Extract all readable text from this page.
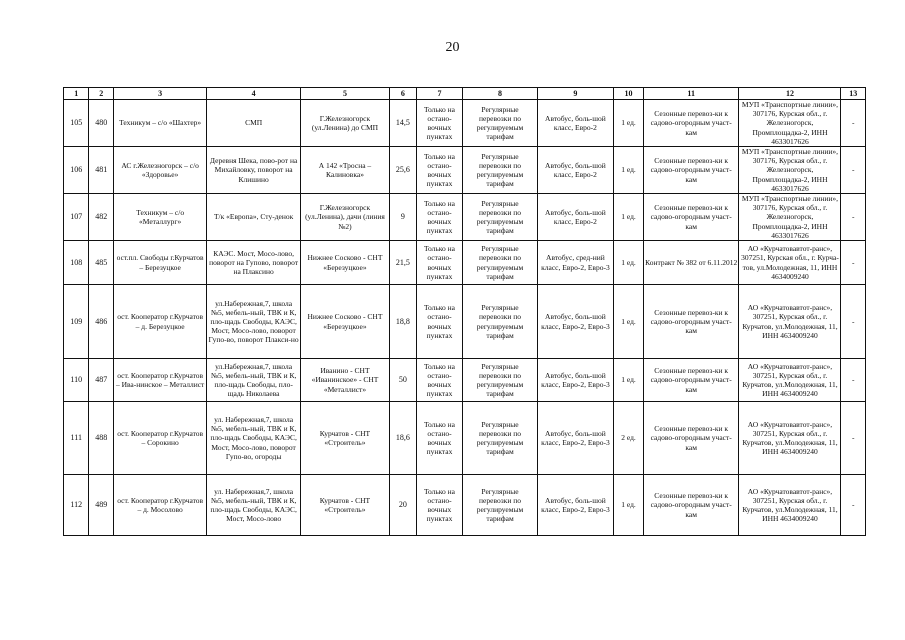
20
1	2	3	4	5	6	7	8	9	10	11	12	13
105	480	Техникум – с/о «Шахтер»	СМП	Г.Железногорск (ул.Ленина) до СМП	14,5	Только на остано-вочных пунктах	Регулярные перевозки по регулируемым тарифам	Автобус, боль-шой класс, Евро-2	1 ед.	Сезонные перевоз-ки к садово-огородным участ-кам	МУП «Транспортные линии», 307176, Курская обл., г. Железногорск, Промплощадка-2, ИНН 4633017626	-
106	481	АС г.Железногорск – с/о «Здоровье»	Деревня Шека, пово-рот на Михайловку, поворот на Клишино	А 142 «Тросна – Калиновка»	25,6	Только на остано-вочных пунктах	Регулярные перевозки по регулируемым тарифам	Автобус, боль-шой класс, Евро-2	1 ед.	Сезонные перевоз-ки к садово-огородным участ-кам	МУП «Транспортные линии», 307176, Курская обл., г. Железногорск, Промплощадка-2, ИНН 4633017626	-
107	482	Техникум – с/о «Металлург»	Т/к «Европа», Сту-денок	Г.Железногорск (ул.Ленина), дачи (линия №2)	9	Только на остано-вочных пунктах	Регулярные перевозки по регулируемым тарифам	Автобус, боль-шой класс, Евро-2	1 ед.	Сезонные перевоз-ки к садово-огородным участ-кам	МУП «Транспортные линии», 307176, Курская обл., г. Железногорск, Промплощадка-2, ИНН 4633017626	-
108	485	ост.пл. Свободы г.Курчатов – Березуцкое	КАЭС. Мост, Мосо-лово, поворот на Гупово, поворот на Плаксино	Нижнее Сосково - СНТ «Березуцкое»	21,5	Только на остано-вочных пунктах	Регулярные перевозки по регулируемым тарифам	Автобус, сред-ний класс, Евро-2, Евро-3	1 ед.	Контракт № 382 от 6.11.2012	АО «Курчатовавтот-ранс», 307251, Курская обл., г. Курча-тов, ул.Молодежная, 11, ИНН 4634009240	-
109	486	ост. Кооператор г.Курчатов – д. Березуцкое	ул.Набережная,7, школа №5, мебель-ный, ТВК и К, пло-щадь Свободы, КАЭС, Мост, Мосо-лово, поворот Гупо-во, поворот Плакси-но	Нижнее Сосково - СНТ «Березуцкое»	18,8	Только на остано-вочных пунктах	Регулярные перевозки по регулируемым тарифам	Автобус, боль-шой класс, Евро-2, Евро-3	1 ед.	Сезонные перевоз-ки к садово-огородным участ-кам	АО «Курчатовавтот-ранс», 307251, Курская обл., г. Курчатов, ул.Молодежная, 11, ИНН 4634009240	-
110	487	ост. Кооператор г.Курчатов – Ива-нинское – Металлист	ул.Набережная,7, школа №5, мебель-ный, ТВК и К, пло-щадь Свободы, пло-щадь Николаева	Иванино - СНТ «Иванинское» - СНТ «Металлист»	50	Только на остано-вочных пунктах	Регулярные перевозки по регулируемым тарифам	Автобус, боль-шой класс, Евро-2, Евро-3	1 ед.	Сезонные перевоз-ки к садово-огородным участ-кам	АО «Курчатовавтот-ранс», 307251, Курская обл., г. Курчатов, ул.Молодежная, 11, ИНН 4634009240	-
111	488	ост. Кооператор г.Курчатов – Сорокино	ул. Набережная,7, школа №5, мебель-ный, ТВК и К, пло-щадь Свободы, КАЭС, Мост, Мосо-лово, поворот Гупо-во, огороды	Курчатов - СНТ «Строитель»	18,6	Только на остано-вочных пунктах	Регулярные перевозки по регулируемым тарифам	Автобус, боль-шой класс, Евро-2, Евро-3	2 ед.	Сезонные перевоз-ки к садово-огородным участ-кам	АО «Курчатовавтот-ранс», 307251, Курская обл., г. Курчатов, ул.Молодежная, 11, ИНН 4634009240	-
112	489	ост. Кооператор г.Курчатов – д. Мосолово	ул. Набережная,7, школа №5, мебель-ный, ТВК и К, пло-щадь Свободы, КАЭС, Мост, Мосо-лово	Курчатов - СНТ «Строитель»	20	Только на остано-вочных пунктах	Регулярные перевозки по регулируемым тарифам	Автобус, боль-шой класс, Евро-2, Евро-3	1 ед.	Сезонные перевоз-ки к садово-огородным участ-кам	АО «Курчатовавтот-ранс», 307251, Курская обл., г. Курчатов, ул.Молодежная, 11, ИНН 4634009240	-
